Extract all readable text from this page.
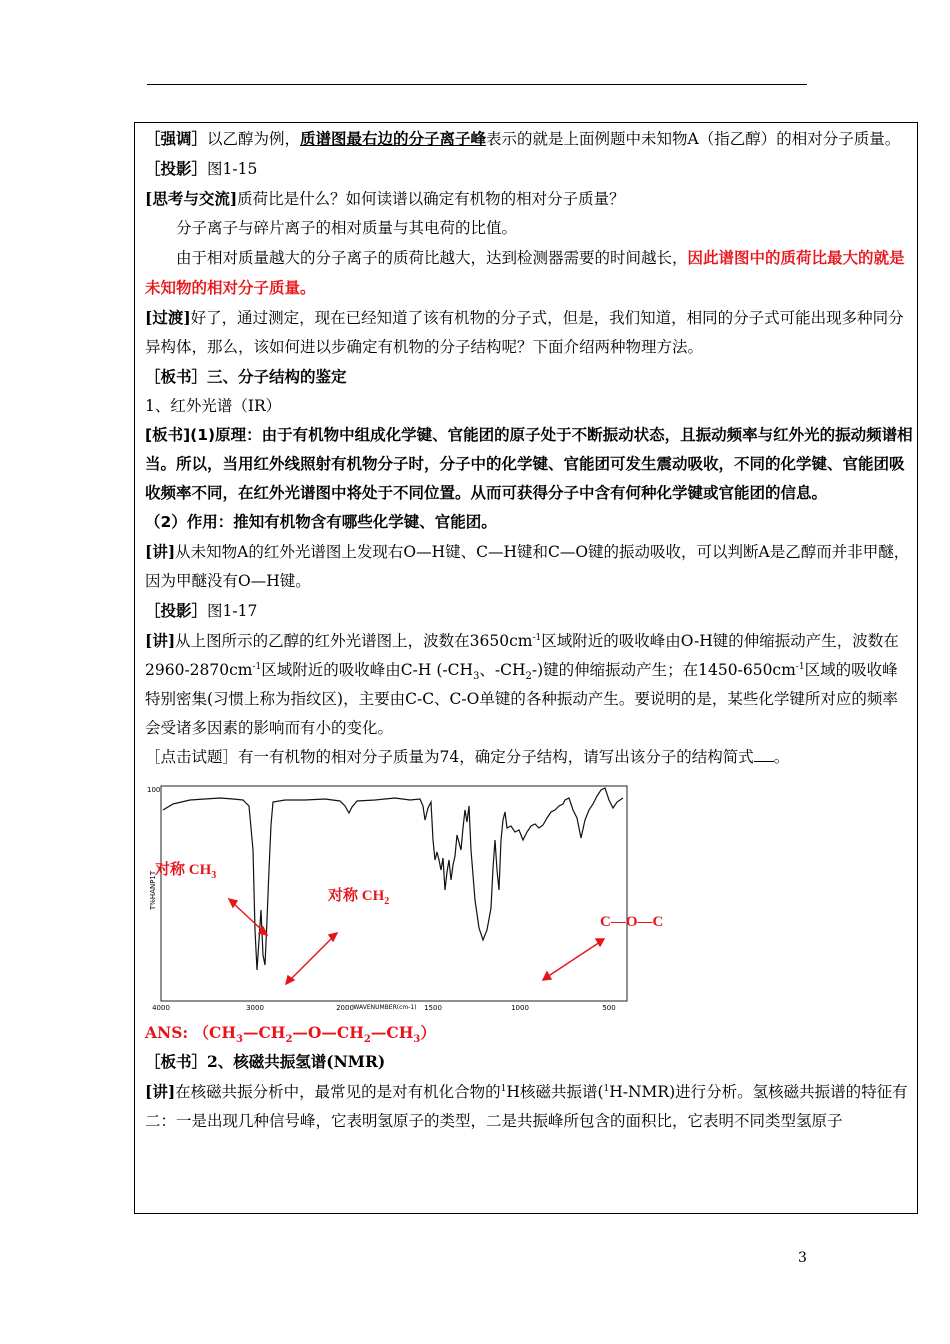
［强调］以乙醇为例，质谱图最右边的分子离子峰表示的就是上面例题中未知物A（指乙醇）的相对分子质量。

［投影］图1-15

[思考与交流]质荷比是什么？如何读谱以确定有机物的相对分子质量？

分子离子与碎片离子的相对质量与其电荷的比值。

由于相对质量越大的分子离子的质荷比越大，达到检测器需要的时间越长，因此谱图中的质荷比最大的就是未知物的相对分子质量。

[过渡]好了，通过测定，现在已经知道了该有机物的分子式，但是，我们知道，相同的分子式可能出现多种同分异构体，那么，该如何进以步确定有机物的分子结构呢？下面介绍两种物理方法。

［板书］三、分子结构的鉴定

1、红外光谱（IR）

[板书](1)原理：由于有机物中组成化学键、官能团的原子处于不断振动状态，且振动频率与红外光的振动频谱相当。所以，当用红外线照射有机物分子时，分子中的化学键、官能团可发生震动吸收，不同的化学键、官能团吸收频率不同，在红外光谱图中将处于不同位置。从而可获得分子中含有何种化学键或官能团的信息。

（2）作用：推知有机物含有哪些化学键、官能团。

[讲]从未知物A的红外光谱图上发现右O—H键、C—H键和C—O键的振动吸收，可以判断A是乙醇而并非甲醚，因为甲醚没有O—H键。

［投影］图1-17

[讲]从上图所示的乙醇的红外光谱图上，波数在$3650cm^{-1}$区域附近的吸收峰由O-H键的伸缩振动产生，波数在$2960-2870cm^{-1}$区域附近的吸收峰由C-H ($-CH_3$、$-CH_2-$)键的伸缩振动产生；在$1450-650cm^{-1}$区域的吸收峰特别密集(习惯上称为指纹区)，主要由C-C、C-O单键的各种振动产生。要说明的是，某些化学键所对应的频率会受诸多因素的影响而有小的变化。

［点击试题］有一有机物的相对分子质量为74，确定分子结构，请写出该分子的结构简式 。

100
T%HANP1T
4000	3000	2000	1500	1000	500
WAVENUMBER(cm-1)
对称 $CH_3$
对称 $CH_2$
C—O—C

ANS: $(CH_3—CH_2—O—CH_2—CH_3)$

［板书］2、核磁共振氢谱(NMR)

[讲]在核磁共振分析中，最常见的是对有机化合物的$^1$H核磁共振谱($^1$H-NMR)进行分析。氢核磁共振谱的特征有二：一是出现几种信号峰，它表明氢原子的类型，二是共振峰所包含的面积比，它表明不同类型氢原子

3
